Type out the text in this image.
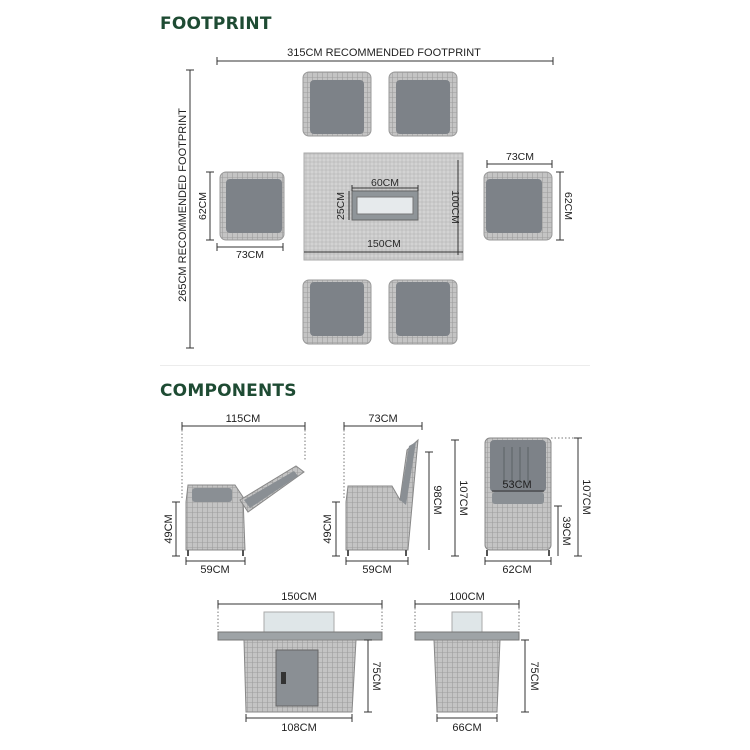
FOOTPRINT
COMPONENTS
315CM RECOMMENDED FOOTPRINT
265CM RECOMMENDED FOOTPRINT 62CM
73CM
73CM
62CM
60CM
25CM
150CM
100CM
115CM
49CM
59CM
73CM
98CM 107CM
49CM
59CM
53CM	107CM
39CM
62CM
150CM
75CM
108CM
100CM
75CM
66CM
